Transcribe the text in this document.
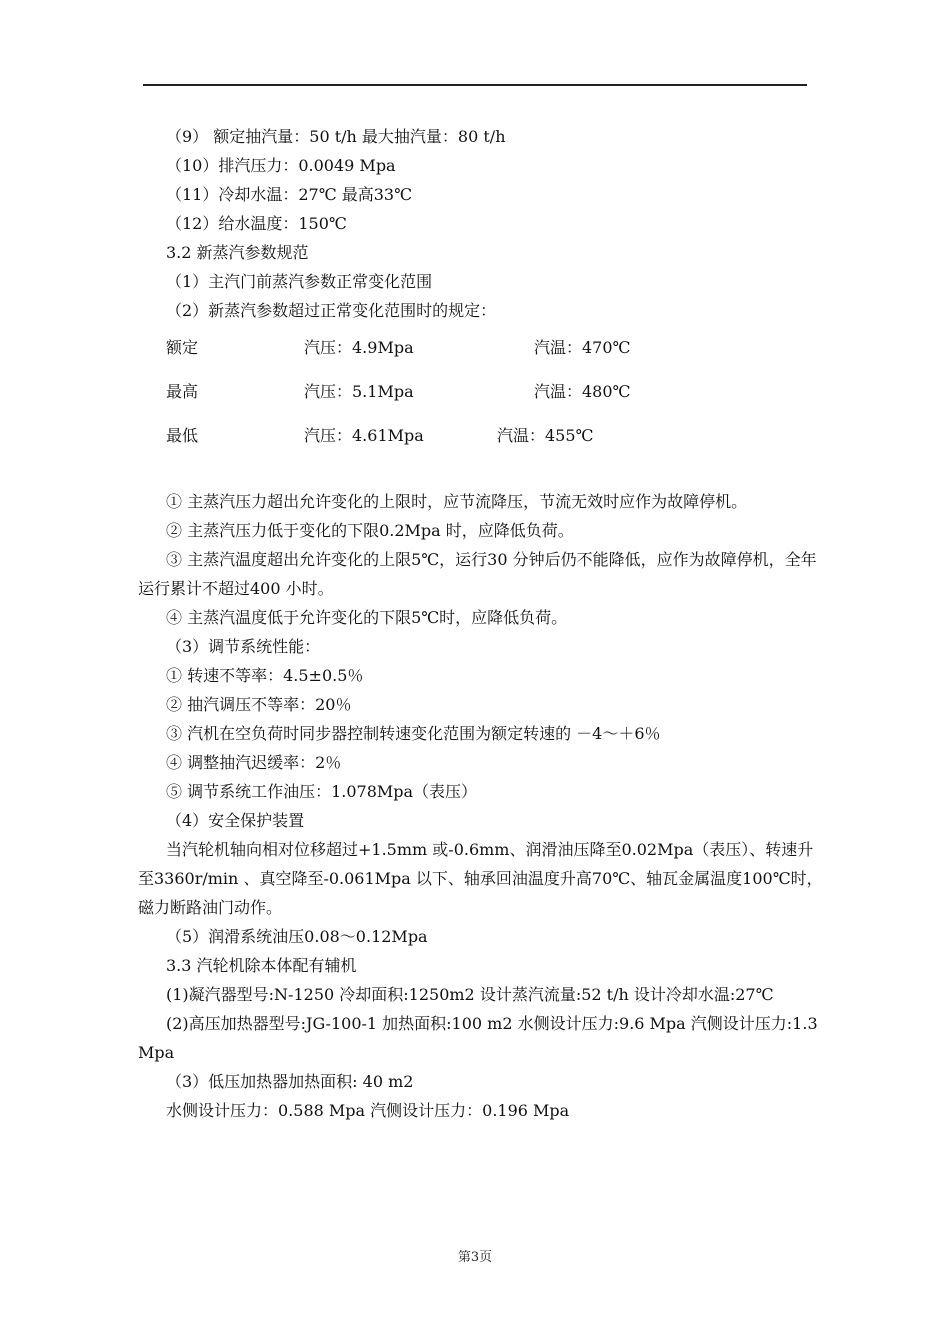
（9） 额定抽汽量：50 t/h 最大抽汽量：80 t/h

（10）排汽压力：0.0049 Mpa

（11）冷却水温：27℃ 最高33℃

（12）给水温度：150℃

3.2 新蒸汽参数规范

（1）主汽门前蒸汽参数正常变化范围

（2）新蒸汽参数超过正常变化范围时的规定：

额定	汽压：4.9Mpa	汽温：470℃
最高	汽压：5.1Mpa	汽温：480℃
最低	汽压：4.61Mpa	汽温：455℃

① 主蒸汽压力超出允许变化的上限时，应节流降压，节流无效时应作为故障停机。

② 主蒸汽压力低于变化的下限0.2Mpa 时，应降低负荷。

③ 主蒸汽温度超出允许变化的上限5℃，运行30 分钟后仍不能降低，应作为故障停机，全年运行累计不超过400 小时。

④ 主蒸汽温度低于允许变化的下限5℃时，应降低负荷。

（3）调节系统性能：

① 转速不等率：4.5±0.5％

② 抽汽调压不等率：20％

③ 汽机在空负荷时同步器控制转速变化范围为额定转速的 －4～＋6％

④ 调整抽汽迟缓率：2％

⑤ 调节系统工作油压：1.078Mpa（表压）

（4）安全保护装置

当汽轮机轴向相对位移超过+1.5mm 或-0.6mm、润滑油压降至0.02Mpa（表压）、转速升至3360r/min 、真空降至-0.061Mpa 以下、轴承回油温度升高70℃、轴瓦金属温度100℃时，磁力断路油门动作。

（5）润滑系统油压0.08～0.12Mpa

3.3 汽轮机除本体配有辅机

(1)凝汽器型号:N-1250 冷却面积:1250m2 设计蒸汽流量:52 t/h 设计冷却水温:27℃

(2)高压加热器型号:JG-100-1 加热面积:100 m2 水侧设计压力:9.6 Mpa 汽侧设计压力:1.3 Mpa

（3）低压加热器加热面积: 40 m2

水侧设计压力：0.588 Mpa 汽侧设计压力：0.196 Mpa

第3页
